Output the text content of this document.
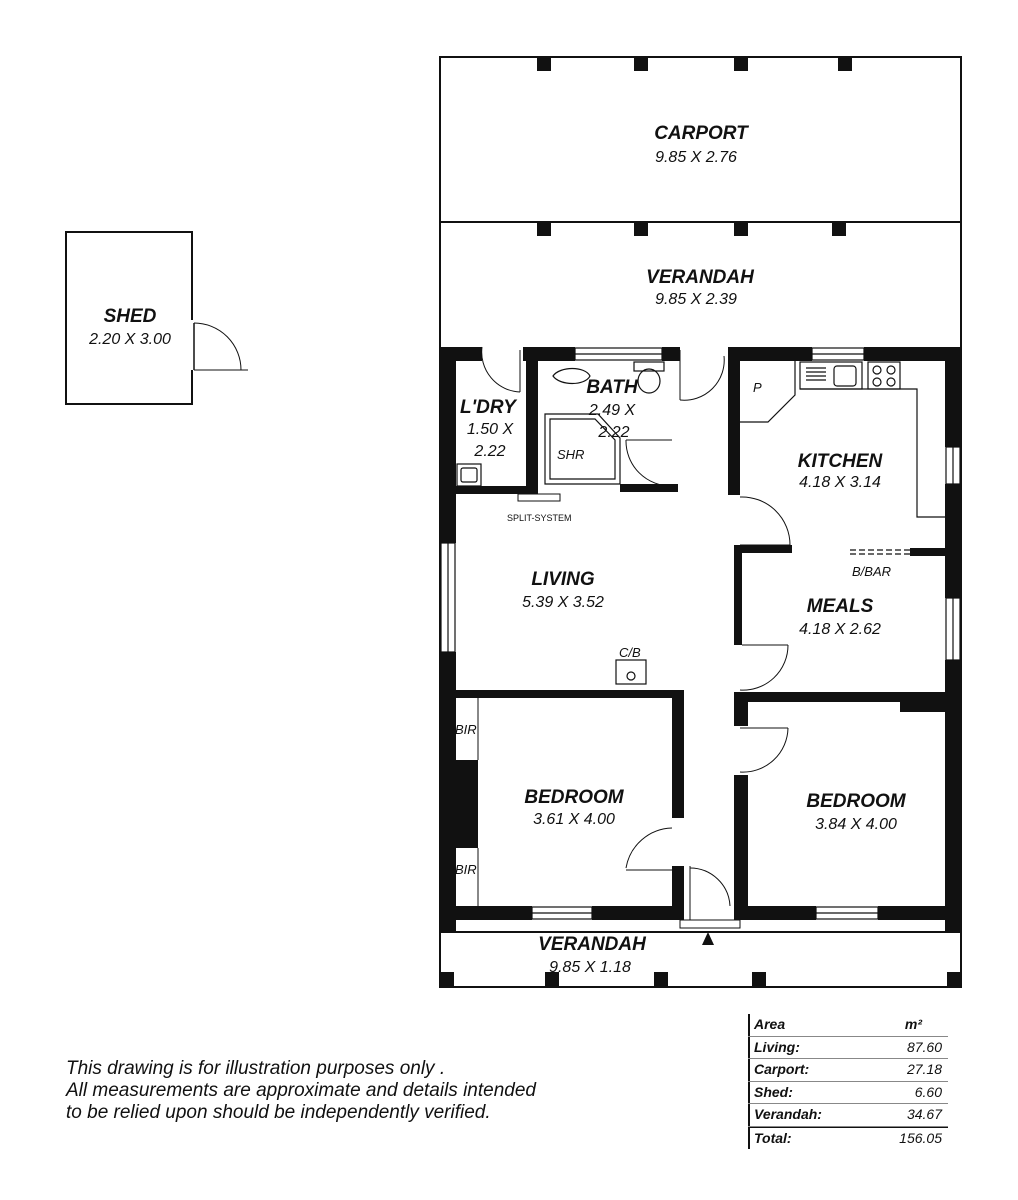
CARPORT
9.85 X 2.76
VERANDAH
9.85 X 2.39
SHED
2.20 X 3.00
L'DRY
1.50 X
2.22
BATH
2.49 X
2.22
KITCHEN
4.18 X 3.14
LIVING
5.39 X 3.52	MEALS
4.18 X 2.62
BEDROOM
3.61 X 4.00
BEDROOM
3.84 X 4.00
VERANDAH
9.85 X 1.18
SHR
P
SPLIT-SYSTEM
B/BAR
C/B
BIR
BIR
This drawing is for illustration purposes only .
All measurements are approximate and details intended
to be relied upon should be independently verified.
Area	m²
Living:	87.60
Carport:	27.18
Shed:	6.60
Verandah:	34.67
Total:	156.05
